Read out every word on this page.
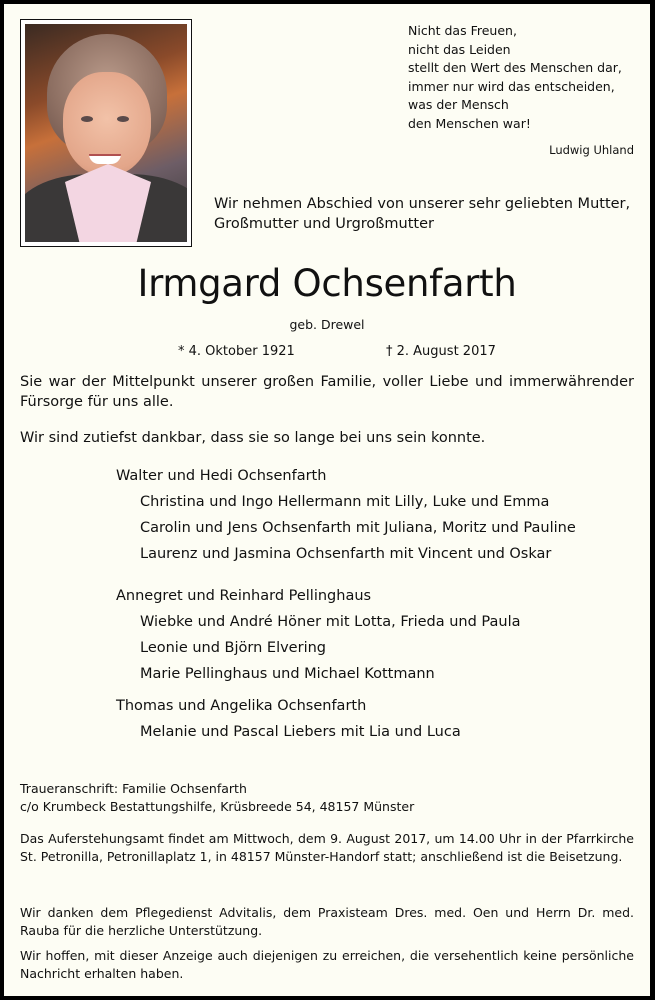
Nicht das Freuen,
nicht das Leiden
stellt den Wert des Menschen dar,
immer nur wird das entscheiden,
was der Mensch
den Menschen war!
Ludwig Uhland
Wir nehmen Abschied von unserer sehr geliebten Mutter,
Großmutter und Urgroßmutter
Irmgard Ochsenfarth
geb. Drewel
* 4. Oktober 1921	† 2. August 2017
Sie war der Mittelpunkt unserer großen Familie, voller Liebe und immerwährender Fürsorge für uns alle.
Wir sind zutiefst dankbar, dass sie so lange bei uns sein konnte.
Walter und Hedi Ochsenfarth
Christina und Ingo Hellermann mit Lilly, Luke und Emma
Carolin und Jens Ochsenfarth mit Juliana, Moritz und Pauline
Laurenz und Jasmina Ochsenfarth mit Vincent und Oskar
Annegret und Reinhard Pellinghaus
Wiebke und André Höner mit Lotta, Frieda und Paula
Leonie und Björn Elvering
Marie Pellinghaus und Michael Kottmann
Thomas und Angelika Ochsenfarth
Melanie und Pascal Liebers mit Lia und Luca
Traueranschrift: Familie Ochsenfarth
c/o Krumbeck Bestattungshilfe, Krüsbreede 54, 48157 Münster
Das Auferstehungsamt findet am Mittwoch, dem 9. August 2017, um 14.00 Uhr in der Pfarrkirche St. Petronilla, Petronillaplatz 1, in 48157 Münster-Handorf statt; anschließend ist die Beisetzung.
Wir danken dem Pflegedienst Advitalis, dem Praxisteam Dres. med. Oen und Herrn Dr. med. Rauba für die herzliche Unterstützung.
Wir hoffen, mit dieser Anzeige auch diejenigen zu erreichen, die versehentlich keine persönliche Nachricht erhalten haben.
